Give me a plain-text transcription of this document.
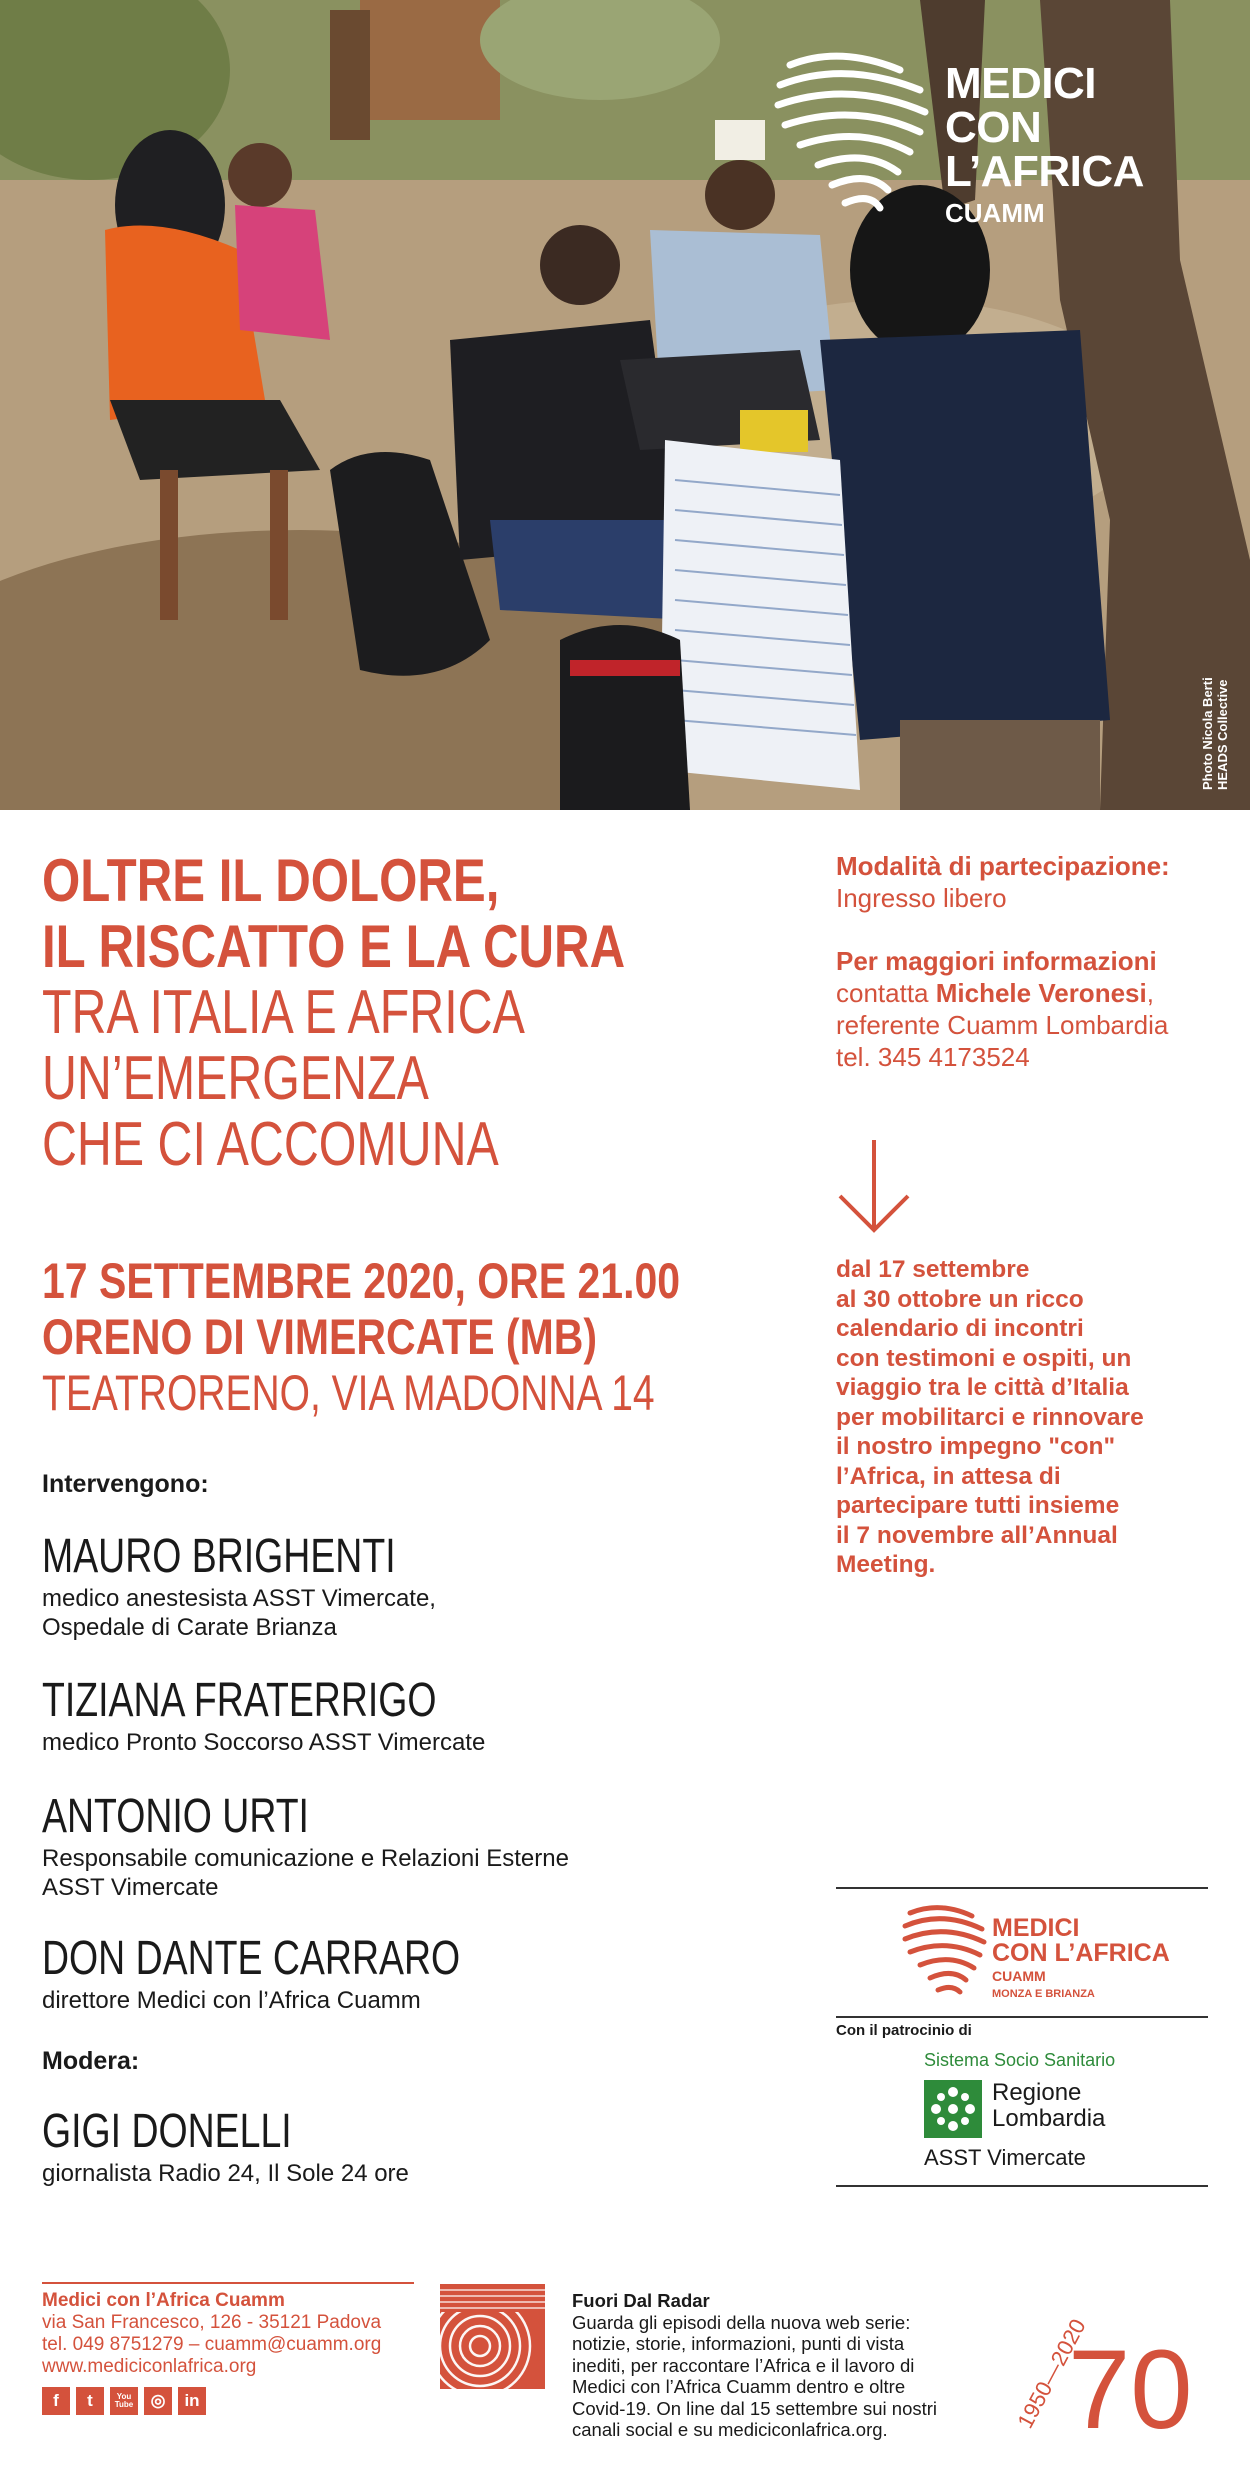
MEDICI
CON L’AFRICA
CUAMM
Photo Nicola Berti HEADS Collective
OLTRE IL DOLORE,
IL RISCATTO E LA CURA
TRA ITALIA E AFRICA
UN’EMERGENZA
CHE CI ACCOMUNA
17 SETTEMBRE 2020, ORE 21.00
ORENO DI VIMERCATE (MB)
TEATRORENO, VIA MADONNA 14
Intervengono:
MAURO BRIGHENTI
medico anestesista ASST Vimercate,
Ospedale di Carate Brianza
TIZIANA FRATERRIGO
medico Pronto Soccorso ASST Vimercate
ANTONIO URTI
Responsabile comunicazione e Relazioni Esterne
ASST Vimercate
DON DANTE CARRARO
direttore Medici con l’Africa Cuamm
Modera:
GIGI DONELLI
giornalista Radio 24, Il Sole 24 ore
Modalità di partecipazione:
Ingresso libero
Per maggiori informazioni
contatta Michele Veronesi,
referente Cuamm Lombardia
tel. 345 4173524
dal 17 settembre
al 30 ottobre un ricco
calendario di incontri
con testimoni e ospiti, un
viaggio tra le città d’Italia
per mobilitarci e rinnovare
il nostro impegno "con"
l’Africa, in attesa di
partecipare tutti insieme
il 7 novembre all’Annual
Meeting.
MEDICI
CON L’AFRICA
CUAMM
MONZA E BRIANZA
Con il patrocinio di
Sistema Socio Sanitario
Regione
Lombardia
ASST Vimercate
Medici con l’Africa Cuamm
via San Francesco, 126 - 35121 Padova
tel. 049 8751279 – cuamm@cuamm.org
www.mediciconlafrica.org
f	t	You
Tube	◎	in
Fuori Dal Radar
Guarda gli episodi della nuova web serie:
notizie, storie, informazioni, punti di vista
inediti, per raccontare l’Africa e il lavoro di
Medici con l’Africa Cuamm dentro e oltre
Covid-19. On line dal 15 settembre sui nostri
canali social e su mediciconlafrica.org.	1950—2020
70
